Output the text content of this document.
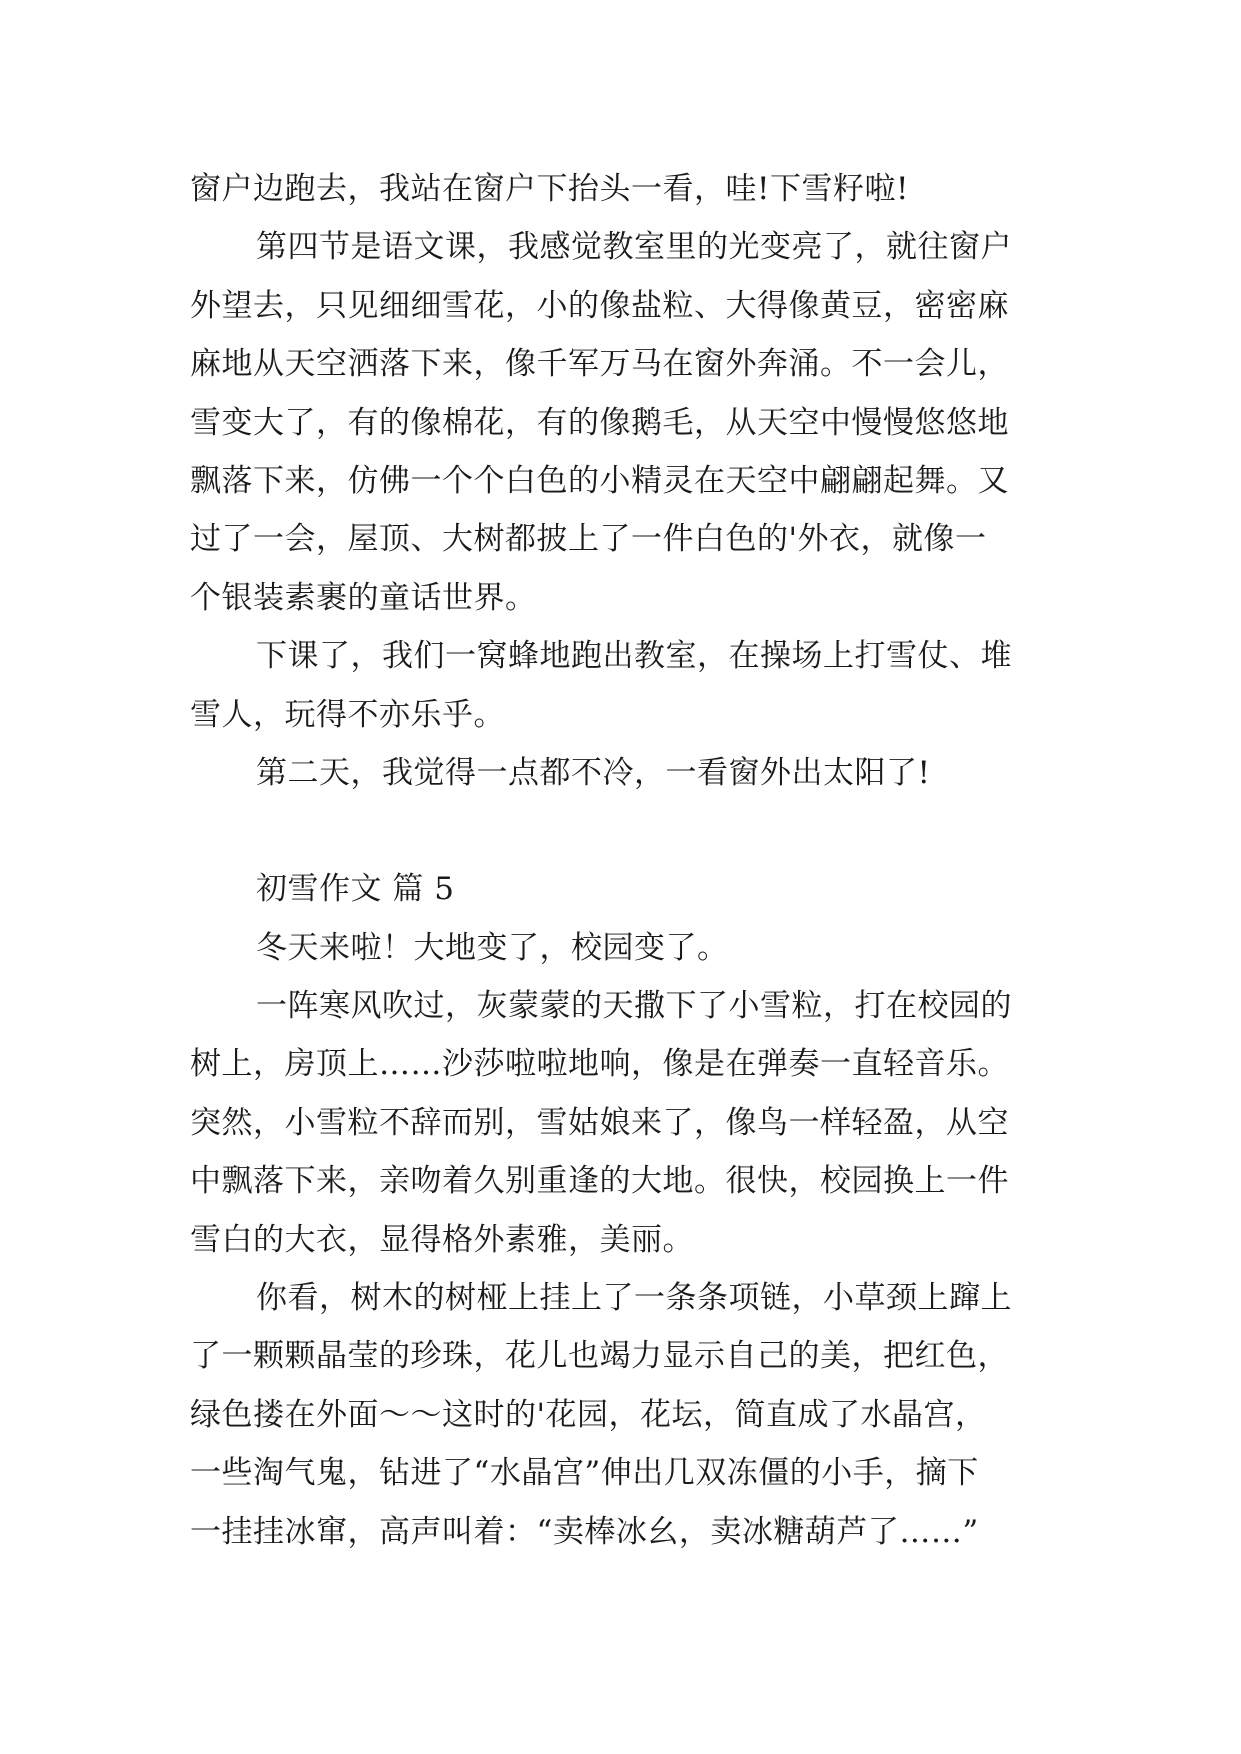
窗户边跑去，我站在窗户下抬头一看，哇!下雪籽啦!
第四节是语文课，我感觉教室里的光变亮了，就往窗户
外望去，只见细细雪花，小的像盐粒、大得像黄豆，密密麻
麻地从天空洒落下来，像千军万马在窗外奔涌。不一会儿，
雪变大了，有的像棉花，有的像鹅毛，从天空中慢慢悠悠地
飘落下来，仿佛一个个白色的小精灵在天空中翩翩起舞。又
过了一会，屋顶、大树都披上了一件白色的'外衣，就像一
个银装素裹的童话世界。
下课了，我们一窝蜂地跑出教室，在操场上打雪仗、堆
雪人，玩得不亦乐乎。
第二天，我觉得一点都不冷，一看窗外出太阳了!
初雪作文 篇 5
冬天来啦！大地变了，校园变了。
一阵寒风吹过，灰蒙蒙的天撒下了小雪粒，打在校园的
树上，房顶上……沙莎啦啦地响，像是在弹奏一直轻音乐。
突然，小雪粒不辞而别，雪姑娘来了，像鸟一样轻盈，从空
中飘落下来，亲吻着久别重逢的大地。很快，校园换上一件
雪白的大衣，显得格外素雅，美丽。
你看，树木的树桠上挂上了一条条项链，小草颈上蹿上
了一颗颗晶莹的珍珠，花儿也竭力显示自己的美，把红色，
绿色搂在外面～～这时的'花园，花坛，简直成了水晶宫，
一些淘气鬼，钻进了“水晶宫”伸出几双冻僵的小手，摘下
一挂挂冰窜，高声叫着：“卖棒冰幺，卖冰糖葫芦了……”
